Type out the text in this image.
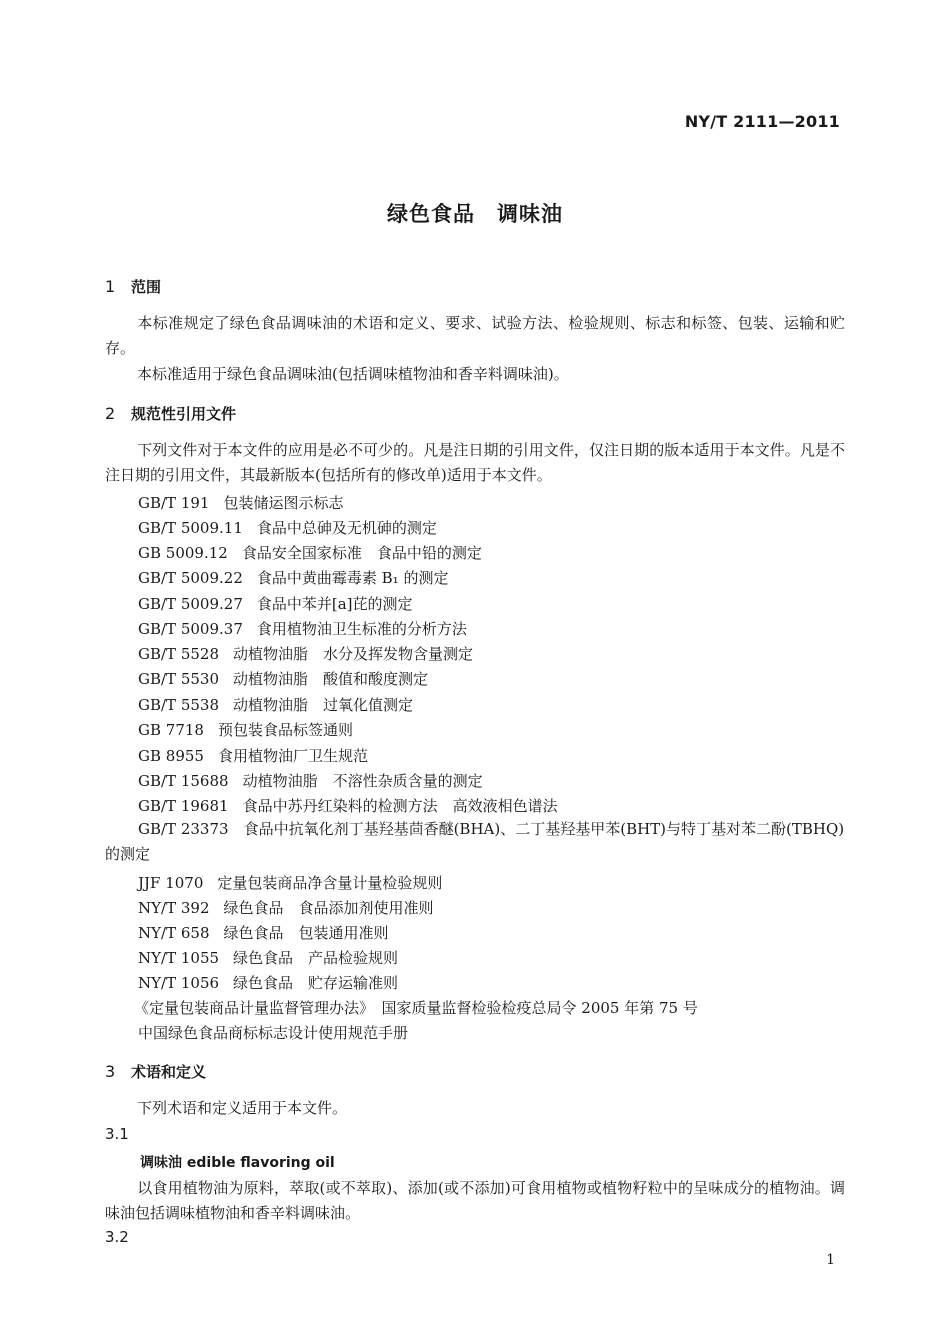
NY/T 2111—2011
绿色食品　调味油
1 范围
本标准规定了绿色食品调味油的术语和定义、要求、试验方法、检验规则、标志和标签、包装、运输和贮存。
本标准适用于绿色食品调味油(包括调味植物油和香辛料调味油)。
2 规范性引用文件
下列文件对于本文件的应用是必不可少的。凡是注日期的引用文件，仅注日期的版本适用于本文件。凡是不注日期的引用文件，其最新版本(包括所有的修改单)适用于本文件。
GB/T 191 包装储运图示标志
GB/T 5009.11 食品中总砷及无机砷的测定
GB 5009.12 食品安全国家标准　食品中铅的测定
GB/T 5009.22 食品中黄曲霉毒素 B₁ 的测定
GB/T 5009.27 食品中苯并[a]芘的测定
GB/T 5009.37 食用植物油卫生标准的分析方法
GB/T 5528 动植物油脂　水分及挥发物含量测定
GB/T 5530 动植物油脂　酸值和酸度测定
GB/T 5538 动植物油脂　过氧化值测定
GB 7718 预包装食品标签通则
GB 8955 食用植物油厂卫生规范
GB/T 15688 动植物油脂　不溶性杂质含量的测定
GB/T 19681 食品中苏丹红染料的检测方法　高效液相色谱法
GB/T 23373　 食品中抗氧化剂丁基羟基茴香醚(BHA)、二丁基羟基甲苯(BHT)与特丁基对苯二酚(TBHQ)的测定
JJF 1070 定量包装商品净含量计量检验规则
NY/T 392 绿色食品　食品添加剂使用准则
NY/T 658 绿色食品　包装通用准则
NY/T 1055 绿色食品　产品检验规则
NY/T 1056 绿色食品　贮存运输准则
《定量包装商品计量监督管理办法》　国家质量监督检验检疫总局令 2005 年第 75 号
中国绿色食品商标标志设计使用规范手册
3 术语和定义
下列术语和定义适用于本文件。
3.1
调味油 edible flavoring oil
以食用植物油为原料，萃取(或不萃取)、添加(或不添加)可食用植物或植物籽粒中的呈味成分的植物油。调味油包括调味植物油和香辛料调味油。
3.2
1
